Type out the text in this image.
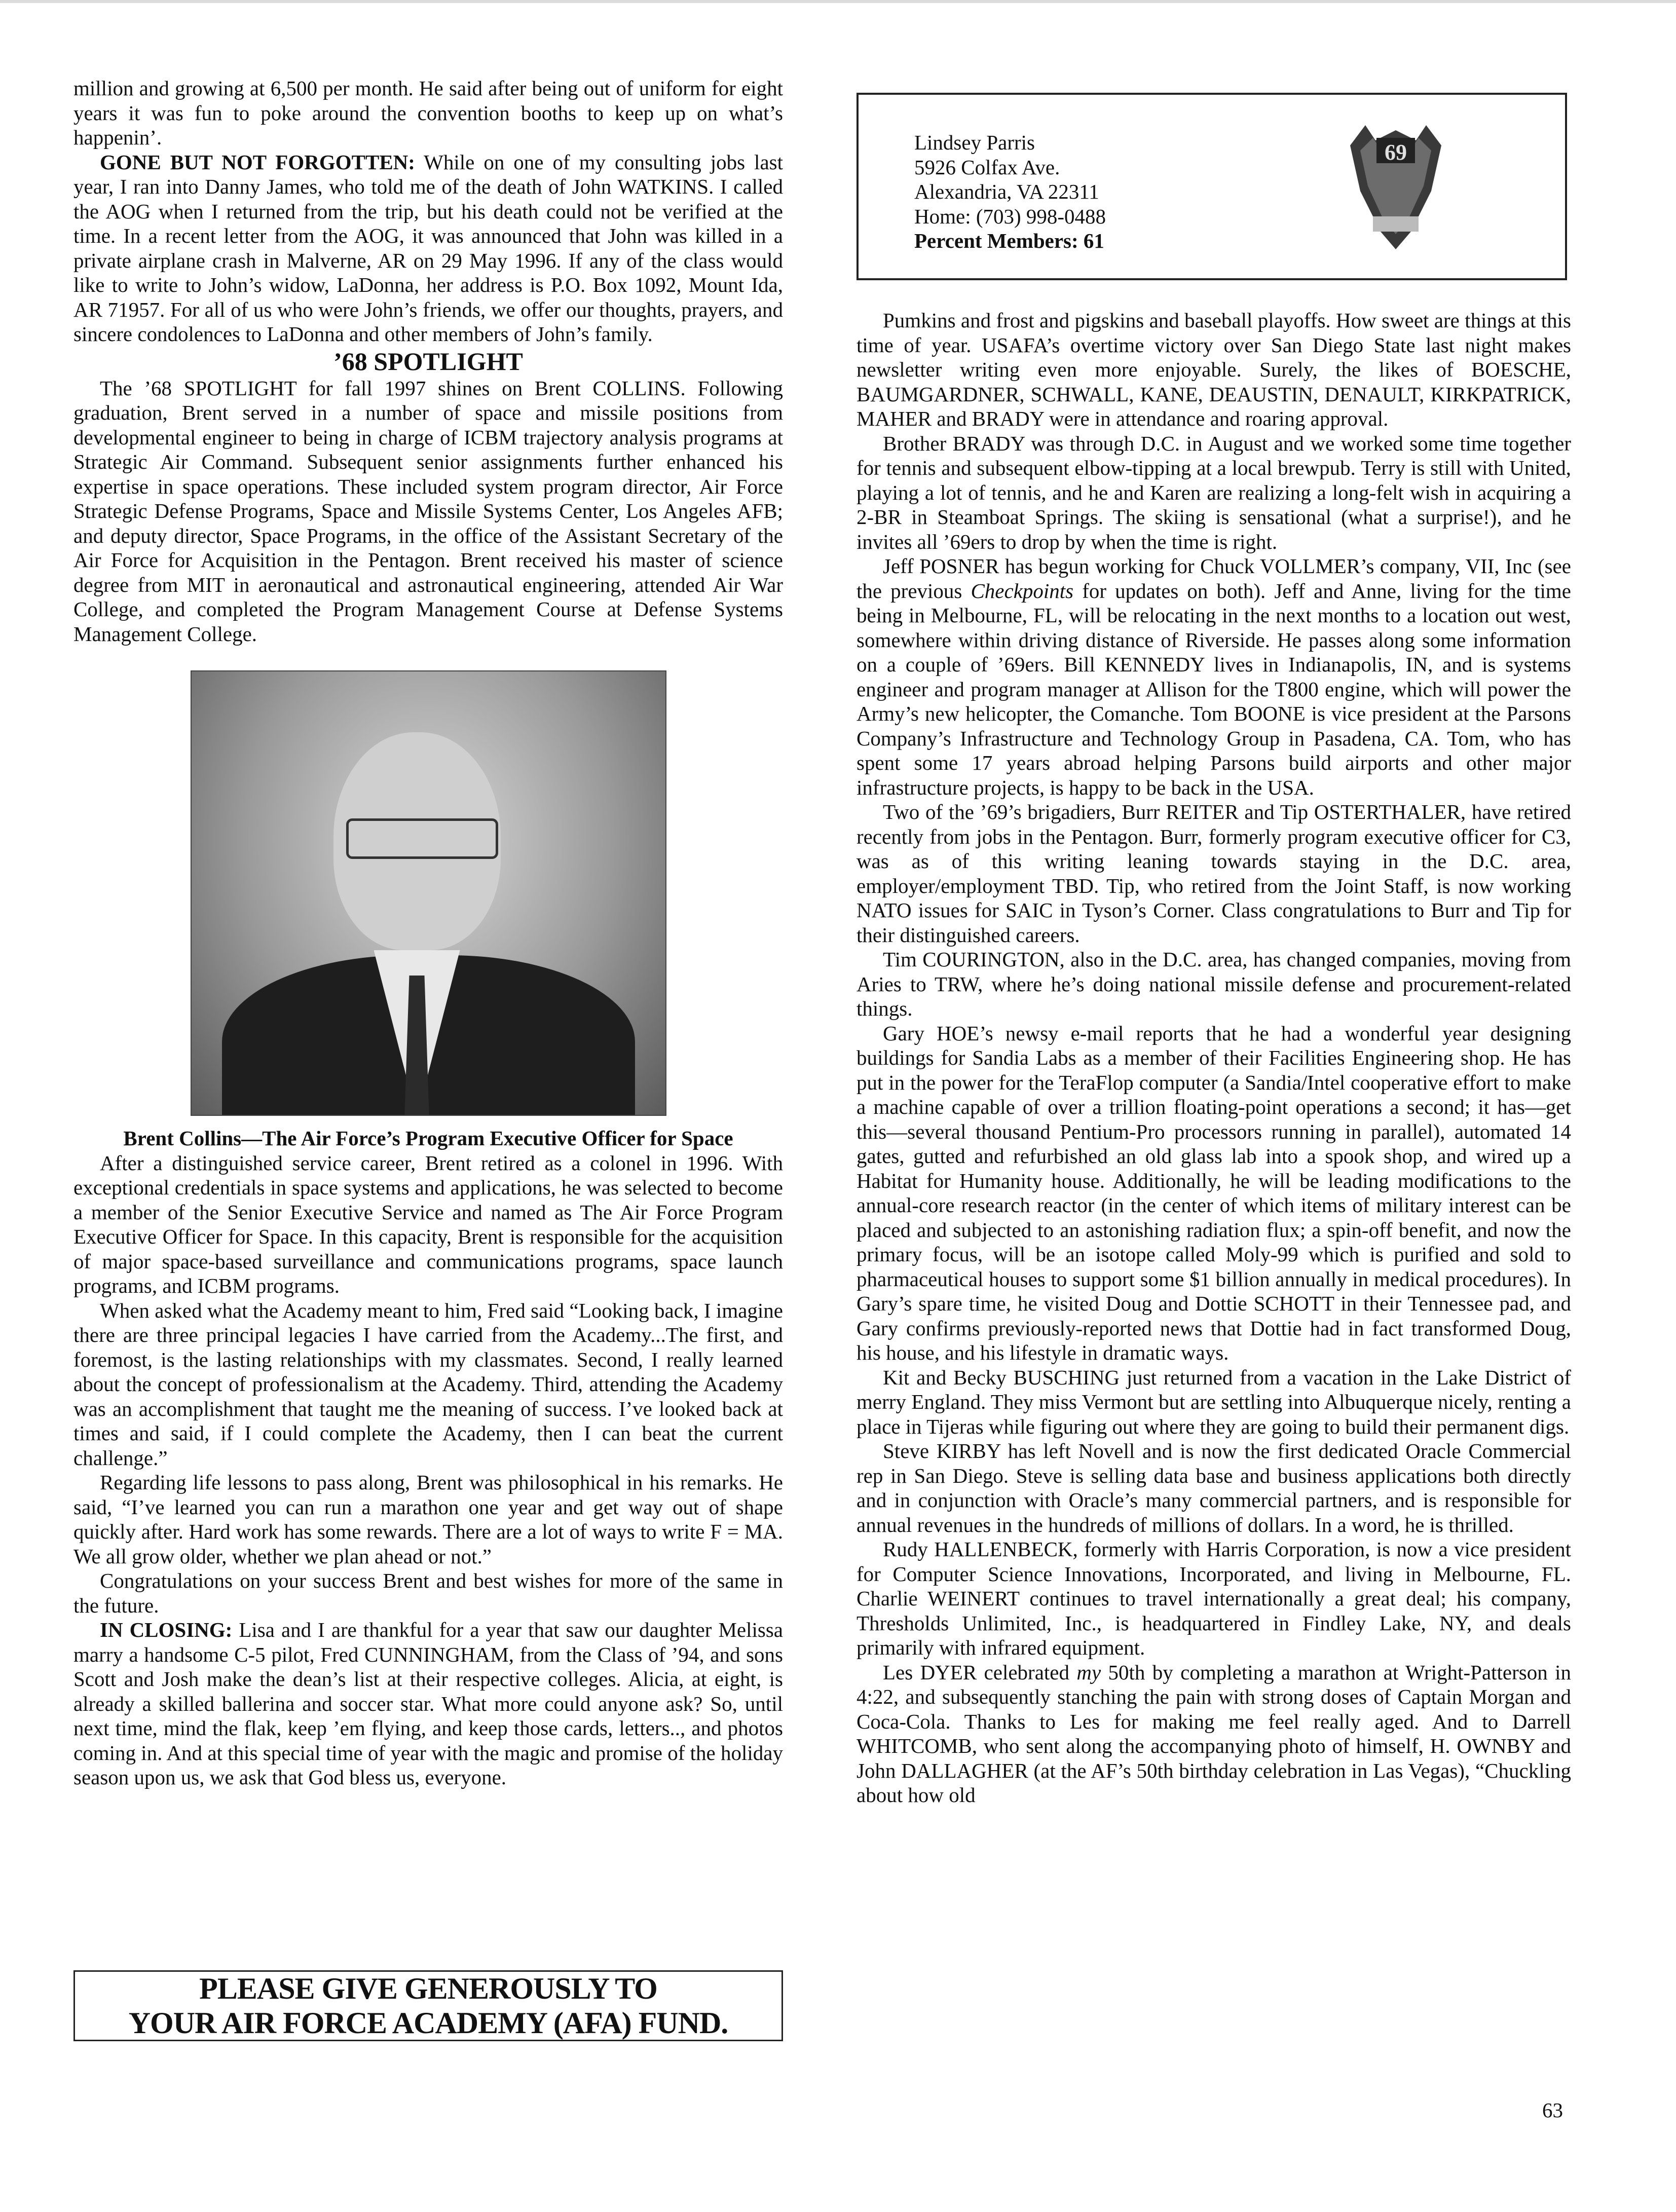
million and growing at 6,500 per month. He said after being out of uniform for eight years it was fun to poke around the convention booths to keep up on what’s happenin’.

GONE BUT NOT FORGOTTEN: While on one of my consulting jobs last year, I ran into Danny James, who told me of the death of John WATKINS. I called the AOG when I returned from the trip, but his death could not be verified at the time. In a recent letter from the AOG, it was announced that John was killed in a private airplane crash in Malverne, AR on 29 May 1996. If any of the class would like to write to John’s widow, LaDonna, her address is P.O. Box 1092, Mount Ida, AR 71957. For all of us who were John’s friends, we offer our thoughts, prayers, and sincere condolences to LaDonna and other members of John’s family.

’68 SPOTLIGHT

The ’68 SPOTLIGHT for fall 1997 shines on Brent COLLINS. Following graduation, Brent served in a number of space and missile positions from developmental engineer to being in charge of ICBM trajectory analysis programs at Strategic Air Command. Subsequent senior assignments further enhanced his expertise in space operations. These included system program director, Air Force Strategic Defense Programs, Space and Missile Systems Center, Los Angeles AFB; and deputy director, Space Programs, in the office of the Assistant Secretary of the Air Force for Acquisition in the Pentagon. Brent received his master of science degree from MIT in aeronautical and astronautical engineering, attended Air War College, and completed the Program Management Course at Defense Systems Management College.

Brent Collins—The Air Force’s Program Executive Officer for Space

After a distinguished service career, Brent retired as a colonel in 1996. With exceptional credentials in space systems and applications, he was selected to become a member of the Senior Executive Service and named as The Air Force Program Executive Officer for Space. In this capacity, Brent is responsible for the acquisition of major space-based surveillance and communications programs, space launch programs, and ICBM programs.

When asked what the Academy meant to him, Fred said “Looking back, I imagine there are three principal legacies I have carried from the Academy...The first, and foremost, is the lasting relationships with my classmates. Second, I really learned about the concept of professionalism at the Academy. Third, attending the Academy was an accomplishment that taught me the meaning of success. I’ve looked back at times and said, if I could complete the Academy, then I can beat the current challenge.”

Regarding life lessons to pass along, Brent was philosophical in his remarks. He said, “I’ve learned you can run a marathon one year and get way out of shape quickly after. Hard work has some rewards. There are a lot of ways to write F = MA. We all grow older, whether we plan ahead or not.”

Congratulations on your success Brent and best wishes for more of the same in the future.

IN CLOSING: Lisa and I are thankful for a year that saw our daughter Melissa marry a handsome C-5 pilot, Fred CUNNINGHAM, from the Class of ’94, and sons Scott and Josh make the dean’s list at their respective colleges. Alicia, at eight, is already a skilled ballerina and soccer star. What more could anyone ask? So, until next time, mind the flak, keep ’em flying, and keep those cards, letters.., and photos coming in. And at this special time of year with the magic and promise of the holiday season upon us, we ask that God bless us, everyone.

PLEASE GIVE GENEROUSLY TO
YOUR AIR FORCE ACADEMY (AFA) FUND.
Lindsey Parris
5926 Colfax Ave.
Alexandria, VA 22311
Home: (703) 998-0488
Percent Members: 61
69

Pumkins and frost and pigskins and baseball playoffs. How sweet are things at this time of year. USAFA’s overtime victory over San Diego State last night makes newsletter writing even more enjoyable. Surely, the likes of BOESCHE, BAUMGARDNER, SCHWALL, KANE, DEAUSTIN, DENAULT, KIRKPATRICK, MAHER and BRADY were in attendance and roaring approval.

Brother BRADY was through D.C. in August and we worked some time together for tennis and subsequent elbow-tipping at a local brewpub. Terry is still with United, playing a lot of tennis, and he and Karen are realizing a long-felt wish in acquiring a 2-BR in Steamboat Springs. The skiing is sensational (what a surprise!), and he invites all ’69ers to drop by when the time is right.

Jeff POSNER has begun working for Chuck VOLLMER’s company, VII, Inc (see the previous Checkpoints for updates on both). Jeff and Anne, living for the time being in Melbourne, FL, will be relocating in the next months to a location out west, somewhere within driving distance of Riverside. He passes along some information on a couple of ’69ers. Bill KENNEDY lives in Indianapolis, IN, and is systems engineer and program manager at Allison for the T800 engine, which will power the Army’s new helicopter, the Comanche. Tom BOONE is vice president at the Parsons Company’s Infrastructure and Technology Group in Pasadena, CA. Tom, who has spent some 17 years abroad helping Parsons build airports and other major infrastructure projects, is happy to be back in the USA.

Two of the ’69’s brigadiers, Burr REITER and Tip OSTERTHALER, have retired recently from jobs in the Pentagon. Burr, formerly program executive officer for C3, was as of this writing leaning towards staying in the D.C. area, employer/employment TBD. Tip, who retired from the Joint Staff, is now working NATO issues for SAIC in Tyson’s Corner. Class congratulations to Burr and Tip for their distinguished careers.

Tim COURINGTON, also in the D.C. area, has changed companies, moving from Aries to TRW, where he’s doing national missile defense and procurement-related things.

Gary HOE’s newsy e-mail reports that he had a wonderful year designing buildings for Sandia Labs as a member of their Facilities Engineering shop. He has put in the power for the TeraFlop computer (a Sandia/Intel cooperative effort to make a machine capable of over a trillion floating-point operations a second; it has—get this—several thousand Pentium-Pro processors running in parallel), automated 14 gates, gutted and refurbished an old glass lab into a spook shop, and wired up a Habitat for Humanity house. Additionally, he will be leading modifications to the annual-core research reactor (in the center of which items of military interest can be placed and subjected to an astonishing radiation flux; a spin-off benefit, and now the primary focus, will be an isotope called Moly-99 which is purified and sold to pharmaceutical houses to support some $1 billion annually in medical procedures). In Gary’s spare time, he visited Doug and Dottie SCHOTT in their Tennessee pad, and Gary confirms previously-reported news that Dottie had in fact transformed Doug, his house, and his lifestyle in dramatic ways.

Kit and Becky BUSCHING just returned from a vacation in the Lake District of merry England. They miss Vermont but are settling into Albuquerque nicely, renting a place in Tijeras while figuring out where they are going to build their permanent digs.

Steve KIRBY has left Novell and is now the first dedicated Oracle Commercial rep in San Diego. Steve is selling data base and business applications both directly and in conjunction with Oracle’s many commercial partners, and is responsible for annual revenues in the hundreds of millions of dollars. In a word, he is thrilled.

Rudy HALLENBECK, formerly with Harris Corporation, is now a vice president for Computer Science Innovations, Incorporated, and living in Melbourne, FL. Charlie WEINERT continues to travel internationally a great deal; his company, Thresholds Unlimited, Inc., is headquartered in Findley Lake, NY, and deals primarily with infrared equipment.

Les DYER celebrated my 50th by completing a marathon at Wright-Patterson in 4:22, and subsequently stanching the pain with strong doses of Captain Morgan and Coca-Cola. Thanks to Les for making me feel really aged. And to Darrell WHITCOMB, who sent along the accompanying photo of himself, H. OWNBY and John DALLAGHER (at the AF’s 50th birthday celebration in Las Vegas), “Chuckling about how old

63
